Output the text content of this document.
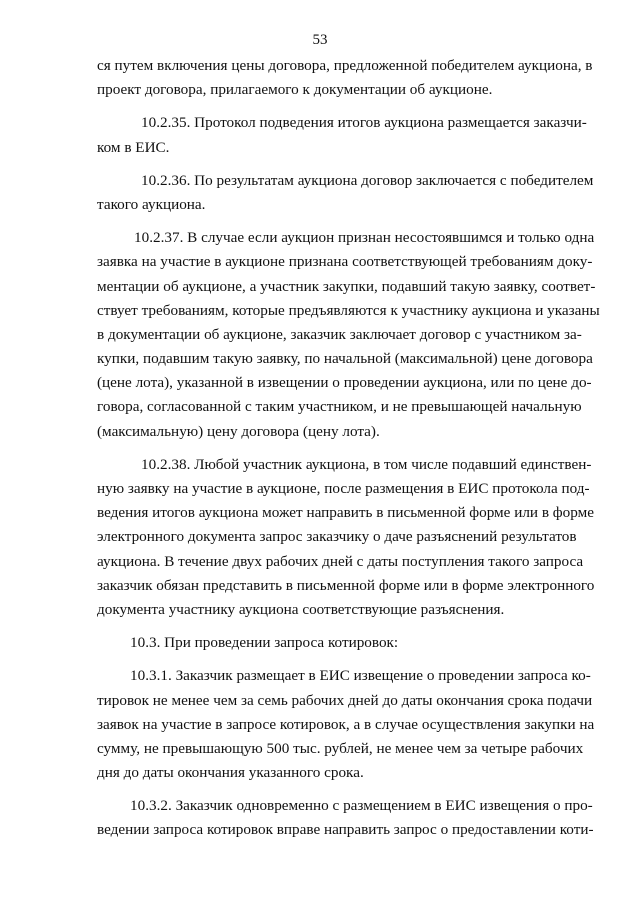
53
ся путем включения цены договора, предложенной победителем аукциона, в
проект договора, прилагаемого к документации об аукционе.
10.2.35. Протокол подведения итогов аукциона размещается заказчи-
ком в ЕИС.
10.2.36. По результатам аукциона договор заключается с победителем
такого аукциона.
10.2.37. В случае если аукцион признан несостоявшимся и только одна
заявка на участие в аукционе признана соответствующей требованиям доку-
ментации об аукционе, а участник закупки, подавший такую заявку, соответ-
ствует требованиям, которые предъявляются к участнику аукциона и указаны
в документации об аукционе, заказчик заключает договор с участником за-
купки, подавшим такую заявку, по начальной (максимальной) цене договора
(цене лота), указанной в извещении о проведении аукциона, или по цене до-
говора, согласованной с таким участником, и не превышающей начальную
(максимальную) цену договора (цену лота).
10.2.38. Любой участник аукциона, в том числе подавший единствен-
ную заявку на участие в аукционе, после размещения в ЕИС протокола под-
ведения итогов аукциона может направить в письменной форме или в форме
электронного документа запрос заказчику о даче разъяснений результатов
аукциона. В течение двух рабочих дней с даты поступления такого запроса
заказчик обязан представить в письменной форме или в форме электронного
документа участнику аукциона соответствующие разъяснения.
10.3. При проведении запроса котировок:
10.3.1. Заказчик размещает в ЕИС извещение о проведении запроса ко-
тировок не менее чем за семь рабочих дней до даты окончания срока подачи
заявок на участие в запросе котировок, а в случае осуществления закупки на
сумму, не превышающую 500 тыс. рублей, не менее чем за четыре рабочих
дня до даты окончания указанного срока.
10.3.2. Заказчик одновременно с размещением в ЕИС извещения о про-
ведении запроса котировок вправе направить запрос о предоставлении коти-
